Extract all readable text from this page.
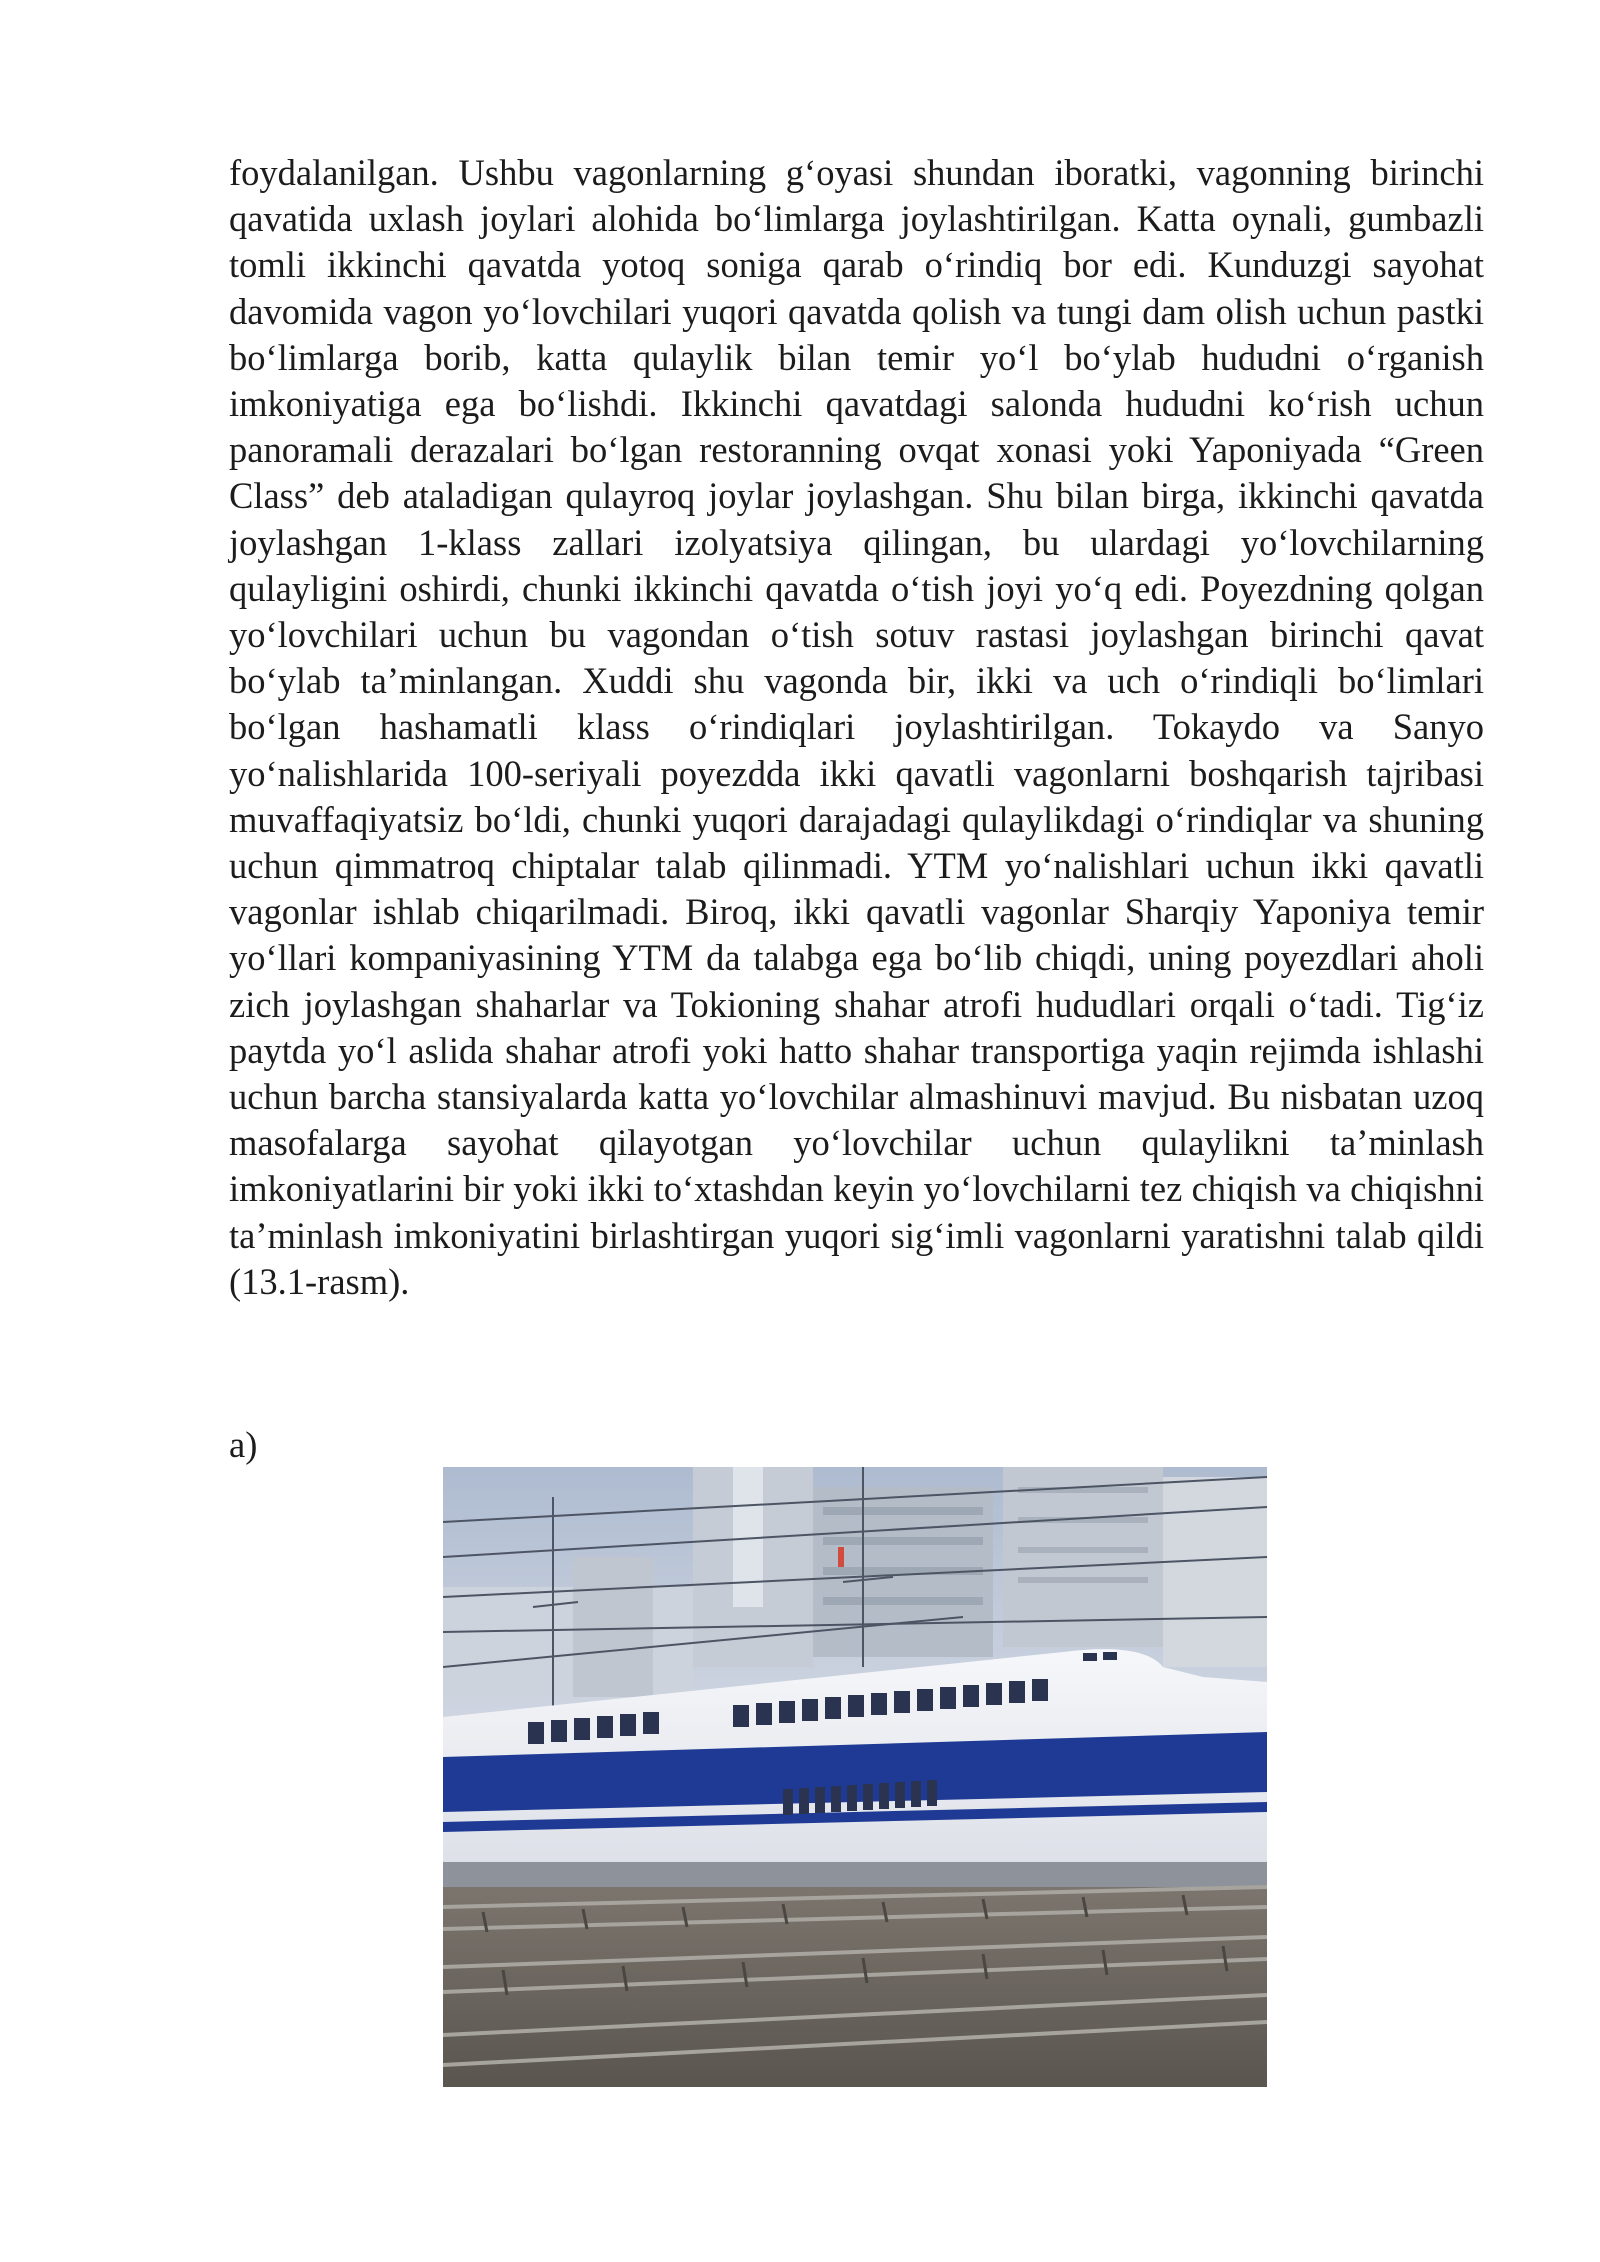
foydalanilgan. Ushbu vagonlarning g‘oyasi shundan iboratki, vagonning birinchi qavatida uxlash joylari alohida bo‘limlarga joylashtirilgan. Katta oynali, gumbazli tomli ikkinchi qavatda yotoq soniga qarab o‘rindiq bor edi. Kunduzgi sayohat davomida vagon yo‘lovchilari yuqori qavatda qolish va tungi dam olish uchun pastki bo‘limlarga borib, katta qulaylik bilan temir yo‘l bo‘ylab hududni o‘rganish imkoniyatiga ega bo‘lishdi. Ikkinchi qavatdagi salonda hududni ko‘rish uchun panoramali derazalari bo‘lgan restoranning ovqat xonasi yoki Yaponiyada “Green Class” deb ataladigan qulayroq joylar joylashgan. Shu bilan birga, ikkinchi qavatda joylashgan 1-klass zallari izolyatsiya qilingan, bu ulardagi yo‘lovchilarning qulayligini oshirdi, chunki ikkinchi qavatda o‘tish joyi yo‘q edi. Poyezdning qolgan yo‘lovchilari uchun bu vagondan o‘tish sotuv rastasi joylashgan birinchi qavat bo‘ylab ta’minlangan. Xuddi shu vagonda bir, ikki va uch o‘rindiqli bo‘limlari bo‘lgan hashamatli klass o‘rindiqlari joylashtirilgan. Tokaydo va Sanyo yo‘nalishlarida 100-seriyali poyezdda ikki qavatli vagonlarni boshqarish tajribasi muvaffaqiyatsiz bo‘ldi, chunki yuqori darajadagi qulaylikdagi o‘rindiqlar va shuning uchun qimmatroq chiptalar talab qilinmadi. YTM yo‘nalishlari uchun ikki qavatli vagonlar ishlab chiqarilmadi. Biroq, ikki qavatli vagonlar Sharqiy Yaponiya temir yo‘llari kompaniyasining YTM da talabga ega bo‘lib chiqdi, uning poyezdlari aholi zich joylashgan shaharlar va Tokioning shahar atrofi hududlari orqali o‘tadi. Tig‘iz paytda yo‘l aslida shahar atrofi yoki hatto shahar transportiga yaqin rejimda ishlashi uchun barcha stansiyalarda katta yo‘lovchilar almashinuvi mavjud. Bu nisbatan uzoq masofalarga sayohat qilayotgan yo‘lovchilar uchun qulaylikni ta’minlash imkoniyatlarini bir yoki ikki to‘xtashdan keyin yo‘lovchilarni tez chiqish va chiqishni ta’minlash imkoniyatini birlashtirgan yuqori sig‘imli vagonlarni yaratishni talab qildi (13.1-rasm).

a)
